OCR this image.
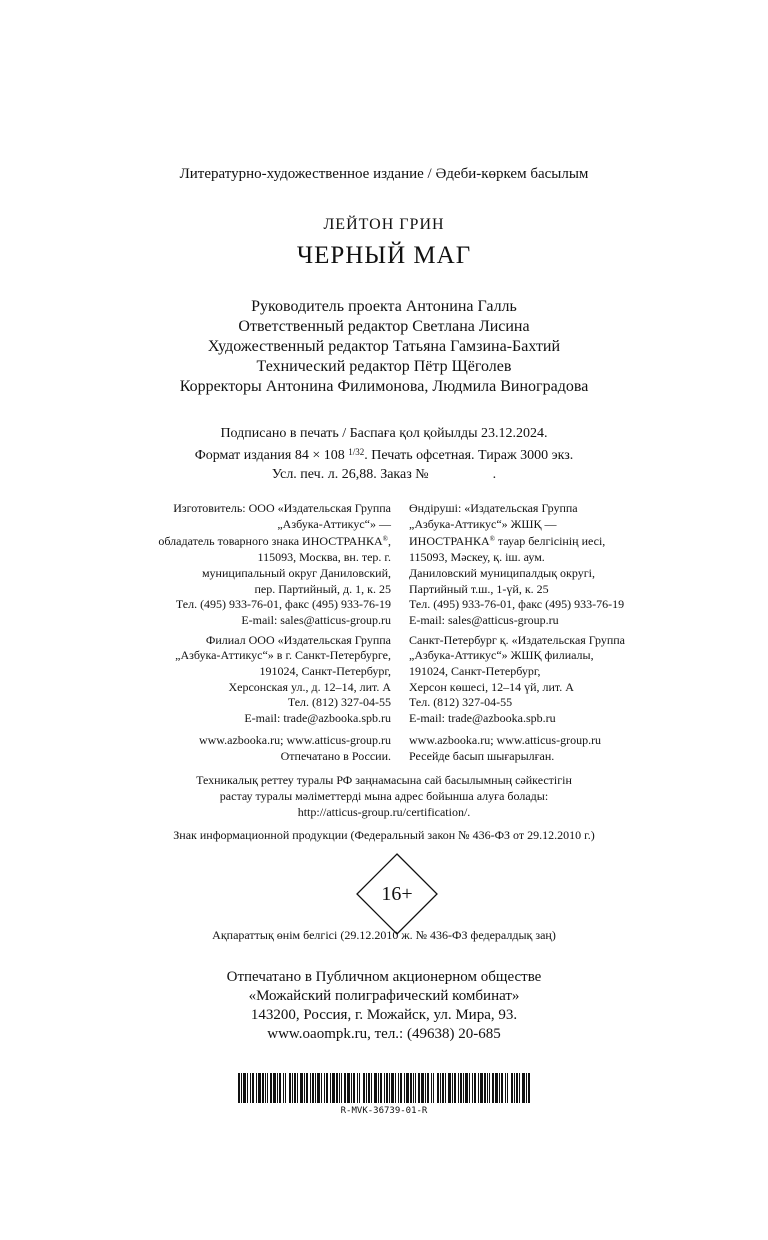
Литературно-художественное издание / Әдеби-көркем басылым
ЛЕЙТОН ГРИН
ЧЕРНЫЙ МАГ
Руководитель проекта Антонина Галль
Ответственный редактор Светлана Лисина
Художественный редактор Татьяна Гамзина-Бахтий
Технический редактор Пётр Щёголев
Корректоры Антонина Филимонова, Людмила Виноградова
Подписано в печать / Баспаға қол қойылды 23.12.2024.
Формат издания 84 × 108 $^{1/32}$. Печать офсетная. Тираж 3000 экз.
Усл. печ. л. 26,88. Заказ №	.
Изготовитель: ООО «Издательская Группа
„Азбука-Аттикус“» —
обладатель товарного знака ИНОСТРАНКА®,
115093, Москва, вн. тер. г.
муниципальный округ Даниловский,
пер. Партийный, д. 1, к. 25
Тел. (495) 933-76-01, факс (495) 933-76-19
E-mail: sales@atticus-group.ru
Филиал ООО «Издательская Группа
„Азбука-Аттикус“» в г. Санкт-Петербурге,
191024, Санкт-Петербург,
Херсонская ул., д. 12–14, лит. А
Тел. (812) 327-04-55
E-mail: trade@azbooka.spb.ru
www.azbooka.ru; www.atticus-group.ru
Отпечатано в России.
Өндіруші: «Издательская Группа
„Азбука-Аттикус“» ЖШҚ —
ИНОСТРАНКА® тауар белгісінің иесі,
115093, Мәскеу, қ. іш. аум.
Даниловский муниципалдық округі,
Партийный т.ш., 1-үй, к. 25
Тел. (495) 933-76-01, факс (495) 933-76-19
E-mail: sales@atticus-group.ru
Санкт-Петербург қ. «Издательская Группа
„Азбука-Аттикус“» ЖШҚ филиалы,
191024, Санкт-Петербург,
Херсон көшесі, 12–14 үй, лит. А
Тел. (812) 327-04-55
E-mail: trade@azbooka.spb.ru
www.azbooka.ru; www.atticus-group.ru
Ресейде басып шығарылған.
Техникалық реттеу туралы РФ заңнамасына сай басылымның сәйкестігін
растау туралы мәліметтерді мына адрес бойынша алуға болады:
http://atticus-group.ru/certification/.
Знак информационной продукции (Федеральный закон № 436-ФЗ от 29.12.2010 г.)
16+
Ақпараттық өнім белгісі (29.12.2010 ж. № 436-ФЗ федералдық заң)
Отпечатано в Публичном акционерном обществе
«Можайский полиграфический комбинат»
143200, Россия, г. Можайск, ул. Мира, 93.
www.oaompk.ru, тел.: (49638) 20-685
R-MVK-36739-01-R
